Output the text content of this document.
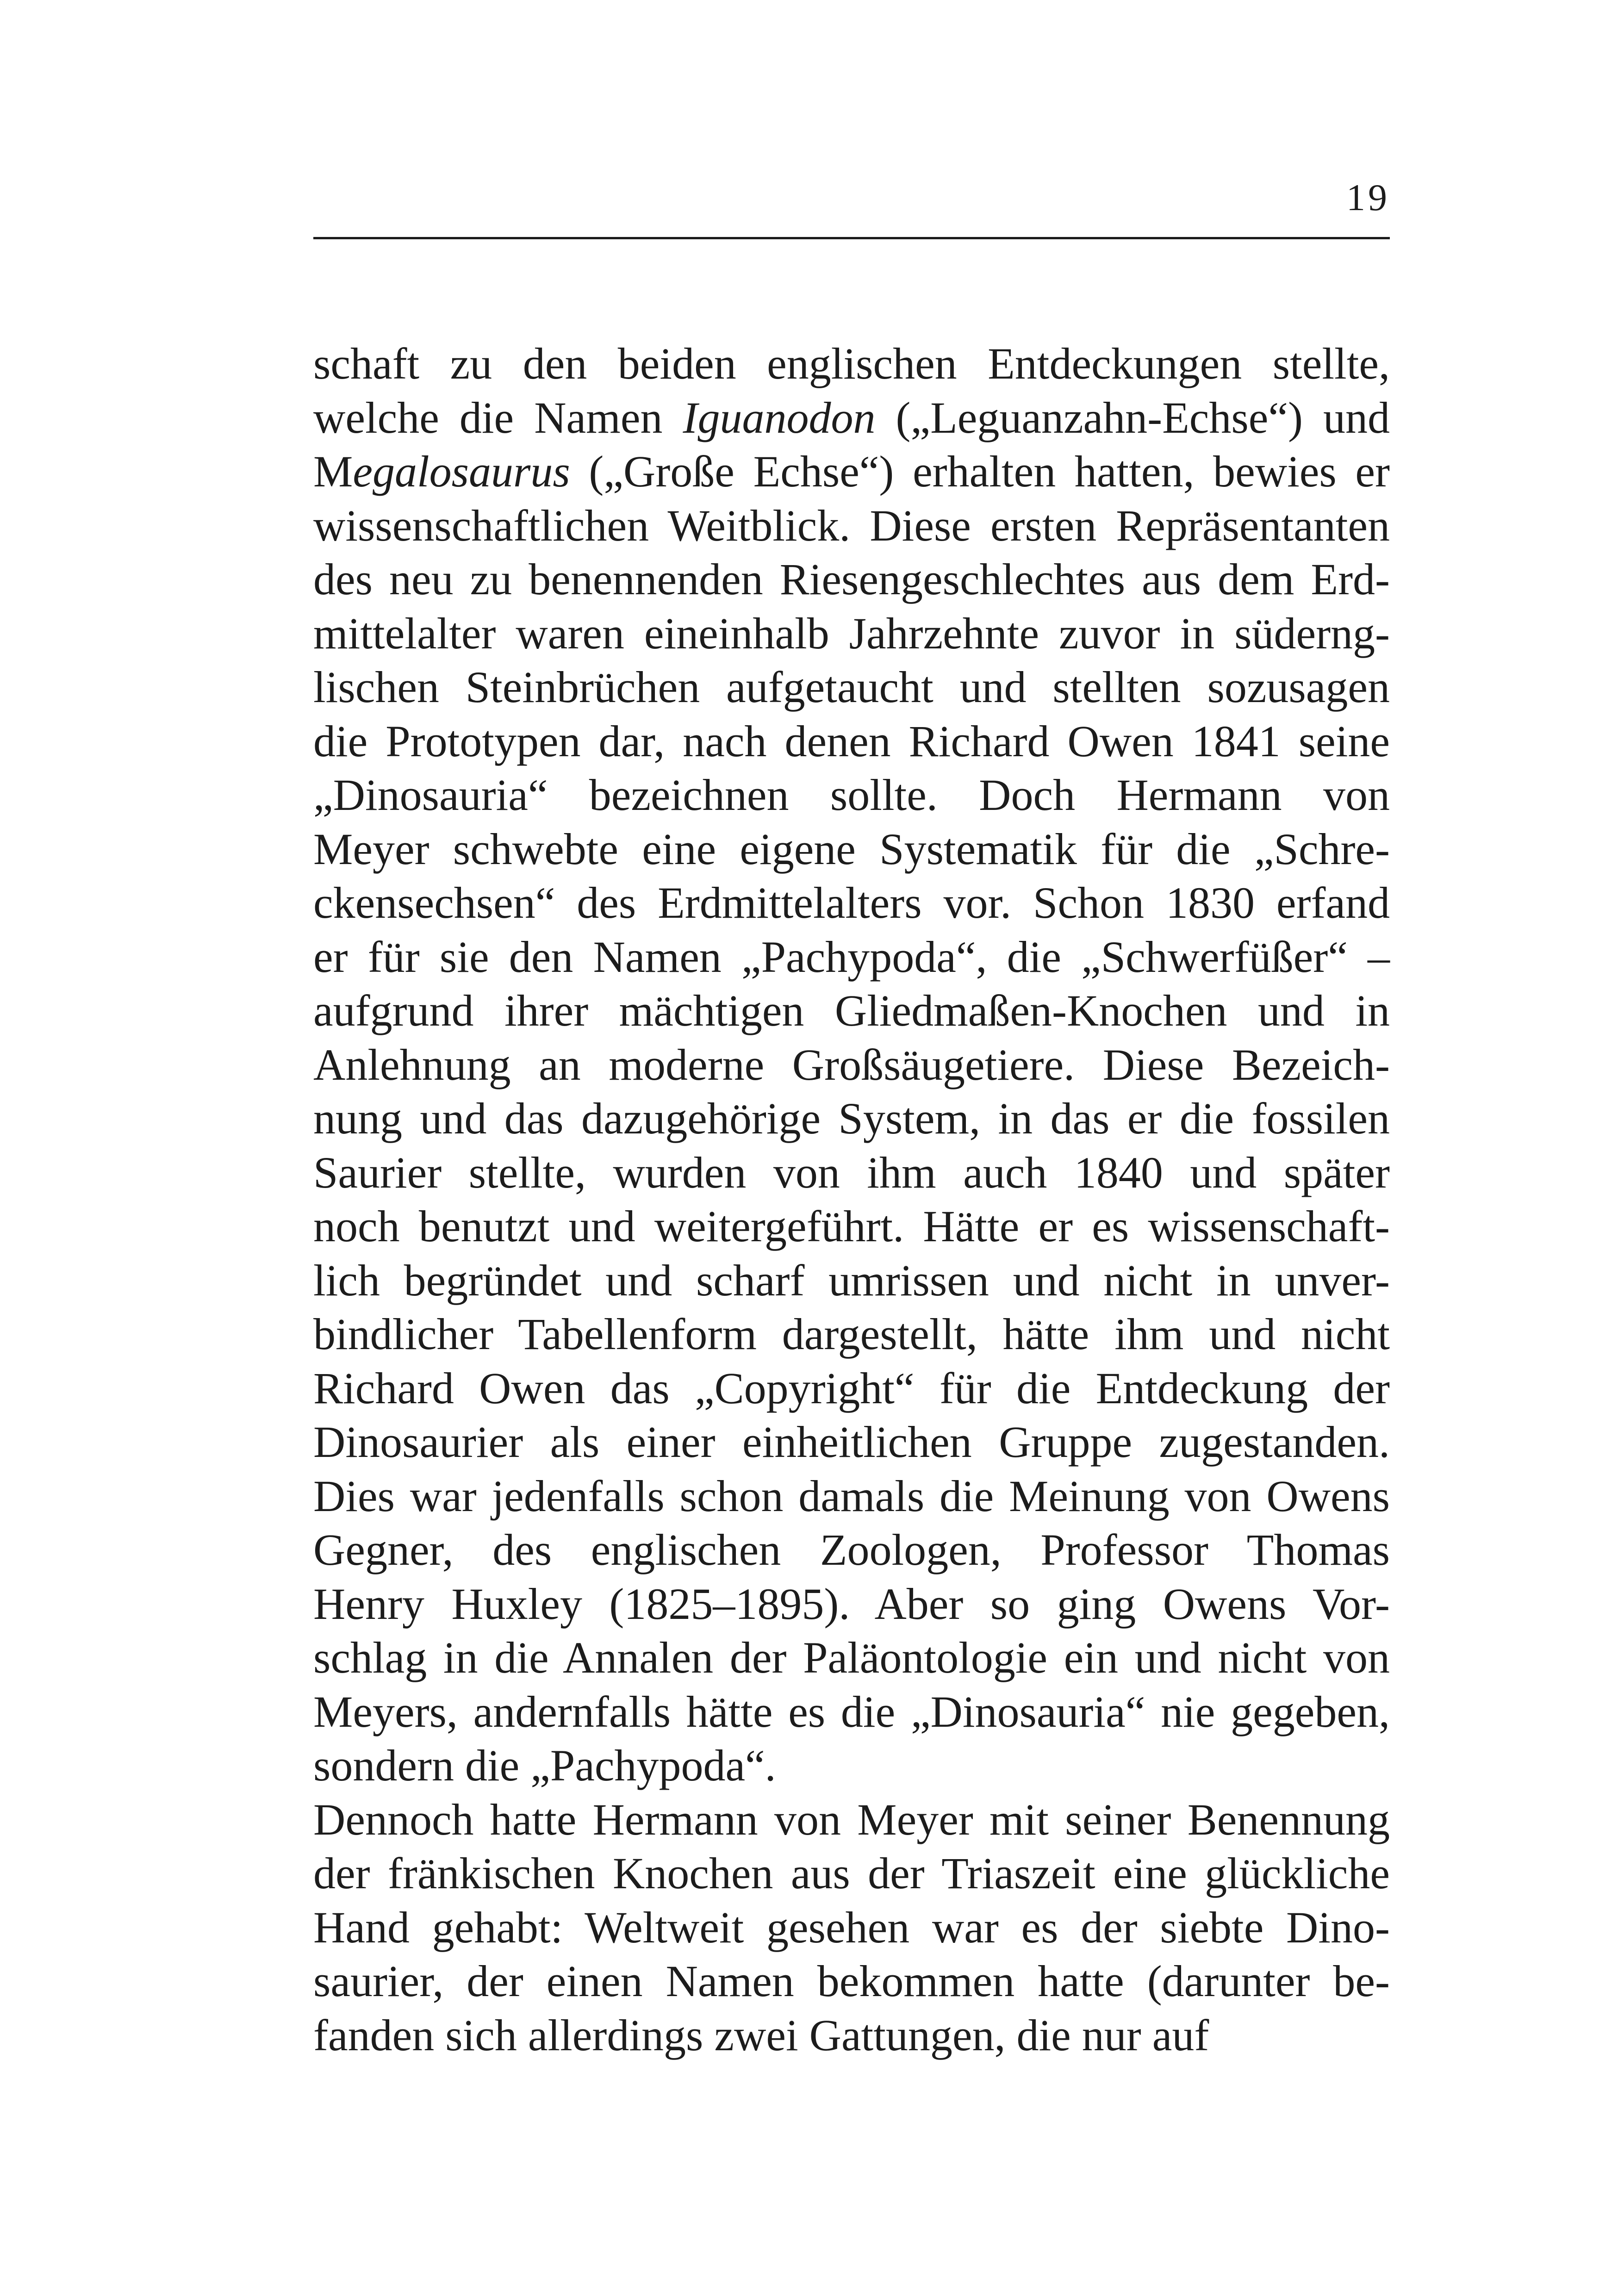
19
schaft zu den beiden englischen Entdeckungen stellte,
welche die Namen Iguanodon („Leguanzahn-Echse“) und
Megalosaurus („Große Echse“) erhalten hatten, bewies er
wissenschaftlichen Weitblick. Diese ersten Repräsentanten
des neu zu benennenden Riesengeschlechtes aus dem Erd-
mittelalter waren eineinhalb Jahrzehnte zuvor in süderng-
lischen Steinbrüchen aufgetaucht und stellten sozusagen
die Prototypen dar, nach denen Richard Owen 1841 seine
„Dinosauria“ bezeichnen sollte. Doch Hermann von
Meyer schwebte eine eigene Systematik für die „Schre-
ckensechsen“ des Erdmittelalters vor. Schon 1830 erfand
er für sie den Namen „Pachypoda“, die „Schwerfüßer“ –
aufgrund ihrer mächtigen Gliedmaßen-Knochen und in
Anlehnung an moderne Großsäugetiere. Diese Bezeich-
nung und das dazugehörige System, in das er die fossilen
Saurier stellte, wurden von ihm auch 1840 und später
noch benutzt und weitergeführt. Hätte er es wissenschaft-
lich begründet und scharf umrissen und nicht in unver-
bindlicher Tabellenform dargestellt, hätte ihm und nicht
Richard Owen das „Copyright“ für die Entdeckung der
Dinosaurier als einer einheitlichen Gruppe zugestanden.
Dies war jedenfalls schon damals die Meinung von Owens
Gegner, des englischen Zoologen, Professor Thomas
Henry Huxley (1825–1895). Aber so ging Owens Vor-
schlag in die Annalen der Paläontologie ein und nicht von
Meyers, andernfalls hätte es die „Dinosauria“ nie gegeben,
sondern die „Pachypoda“.
Dennoch hatte Hermann von Meyer mit seiner Benennung
der fränkischen Knochen aus der Triaszeit eine glückliche
Hand gehabt: Weltweit gesehen war es der siebte Dino-
saurier, der einen Namen bekommen hatte (darunter be-
fanden sich allerdings zwei Gattungen, die nur auf
